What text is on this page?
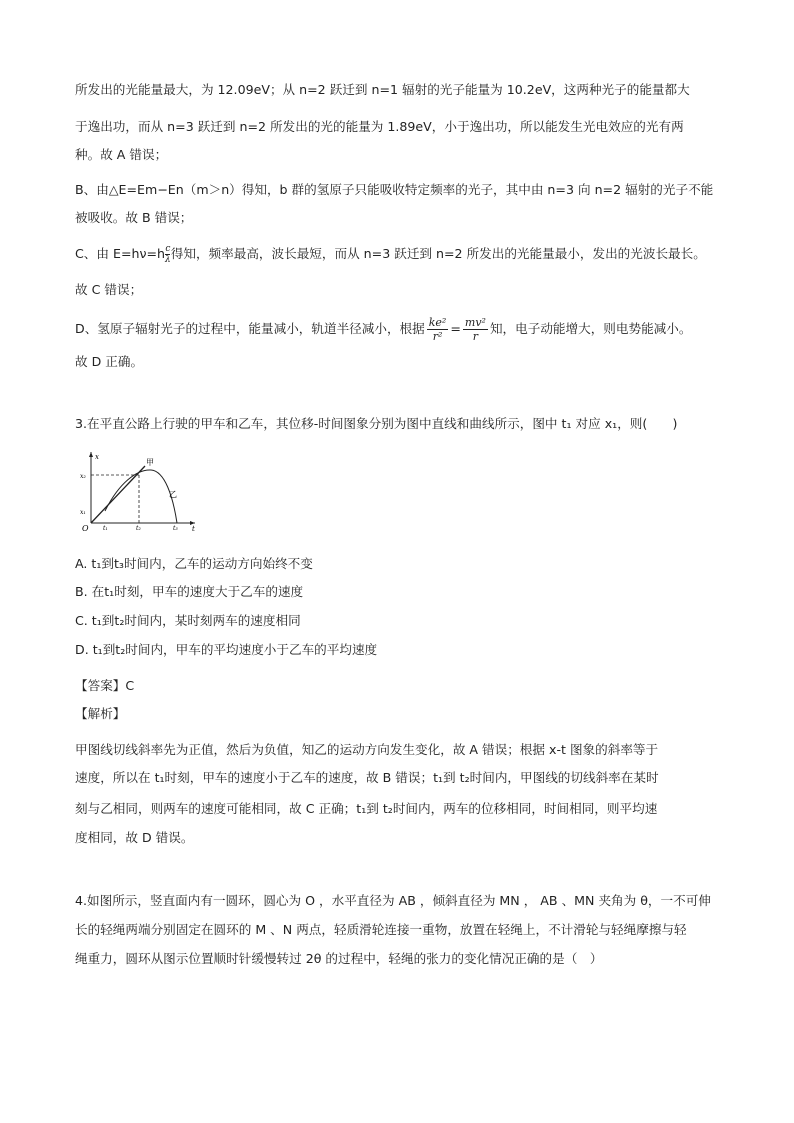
所发出的光能量最大，为 12.09eV；从 n=2 跃迁到 n=1 辐射的光子能量为 10.2eV，这两种光子的能量都大
于逸出功，而从 n=3 跃迁到 n=2 所发出的光的能量为 1.89eV，小于逸出功，所以能发生光电效应的光有两
种。故 A 错误；
B、由△E=Em−En（m＞n）得知，b 群的氢原子只能吸收特定频率的光子，其中由 n=3 向 n=2 辐射的光子不能
被吸收。故 B 错误；
C、由 $E=h\nu=h \frac{c}{\lambda}$ 得知，频率最高，波长最短，而从 n=3 跃迁到 n=2 所发出的光能量最小，发出的光波长最长。
故 C 错误；
D、氢原子辐射光子的过程中，能量减小，轨道半径减小，根据 $\frac{\text{ke²}}{\text{r²}} = \frac{\text{mv²}}{r}$ 知，电子动能增大，则电势能减小。
故 D 正确。
3.在平直公路上行驶的甲车和乙车，其位移-时间图象分别为图中直线和曲线所示，图中 t₁ 对应 x₁，则(　　)
x
t
O
x₂
x₁
t₁	t₂	t₃
甲
乙
A. t₁到t₃时间内，乙车的运动方向始终不变
B. 在t₁时刻，甲车的速度大于乙车的速度
C. t₁到t₂时间内，某时刻两车的速度相同
D. t₁到t₂时间内，甲车的平均速度小于乙车的平均速度
【答案】C
【解析】
甲图线切线斜率先为正值，然后为负值，知乙的运动方向发生变化，故 A 错误；根据 x-t 图象的斜率等于
速度，所以在 t₁时刻，甲车的速度小于乙车的速度，故 B 错误；t₁到 t₂时间内，甲图线的切线斜率在某时
刻与乙相同，则两车的速度可能相同，故 C 正确；t₁到 t₂时间内，两车的位移相同，时间相同，则平均速
度相同，故 D 错误。
4.如图所示，竖直面内有一圆环，圆心为 O ，水平直径为 AB ，倾斜直径为 MN ， AB 、MN 夹角为 θ，一不可伸
长的轻绳两端分别固定在圆环的 M 、N 两点，轻质滑轮连接一重物，放置在轻绳上，不计滑轮与轻绳摩擦与轻
绳重力，圆环从图示位置顺时针缓慢转过 2θ 的过程中，轻绳的张力的变化情况正确的是（　）
